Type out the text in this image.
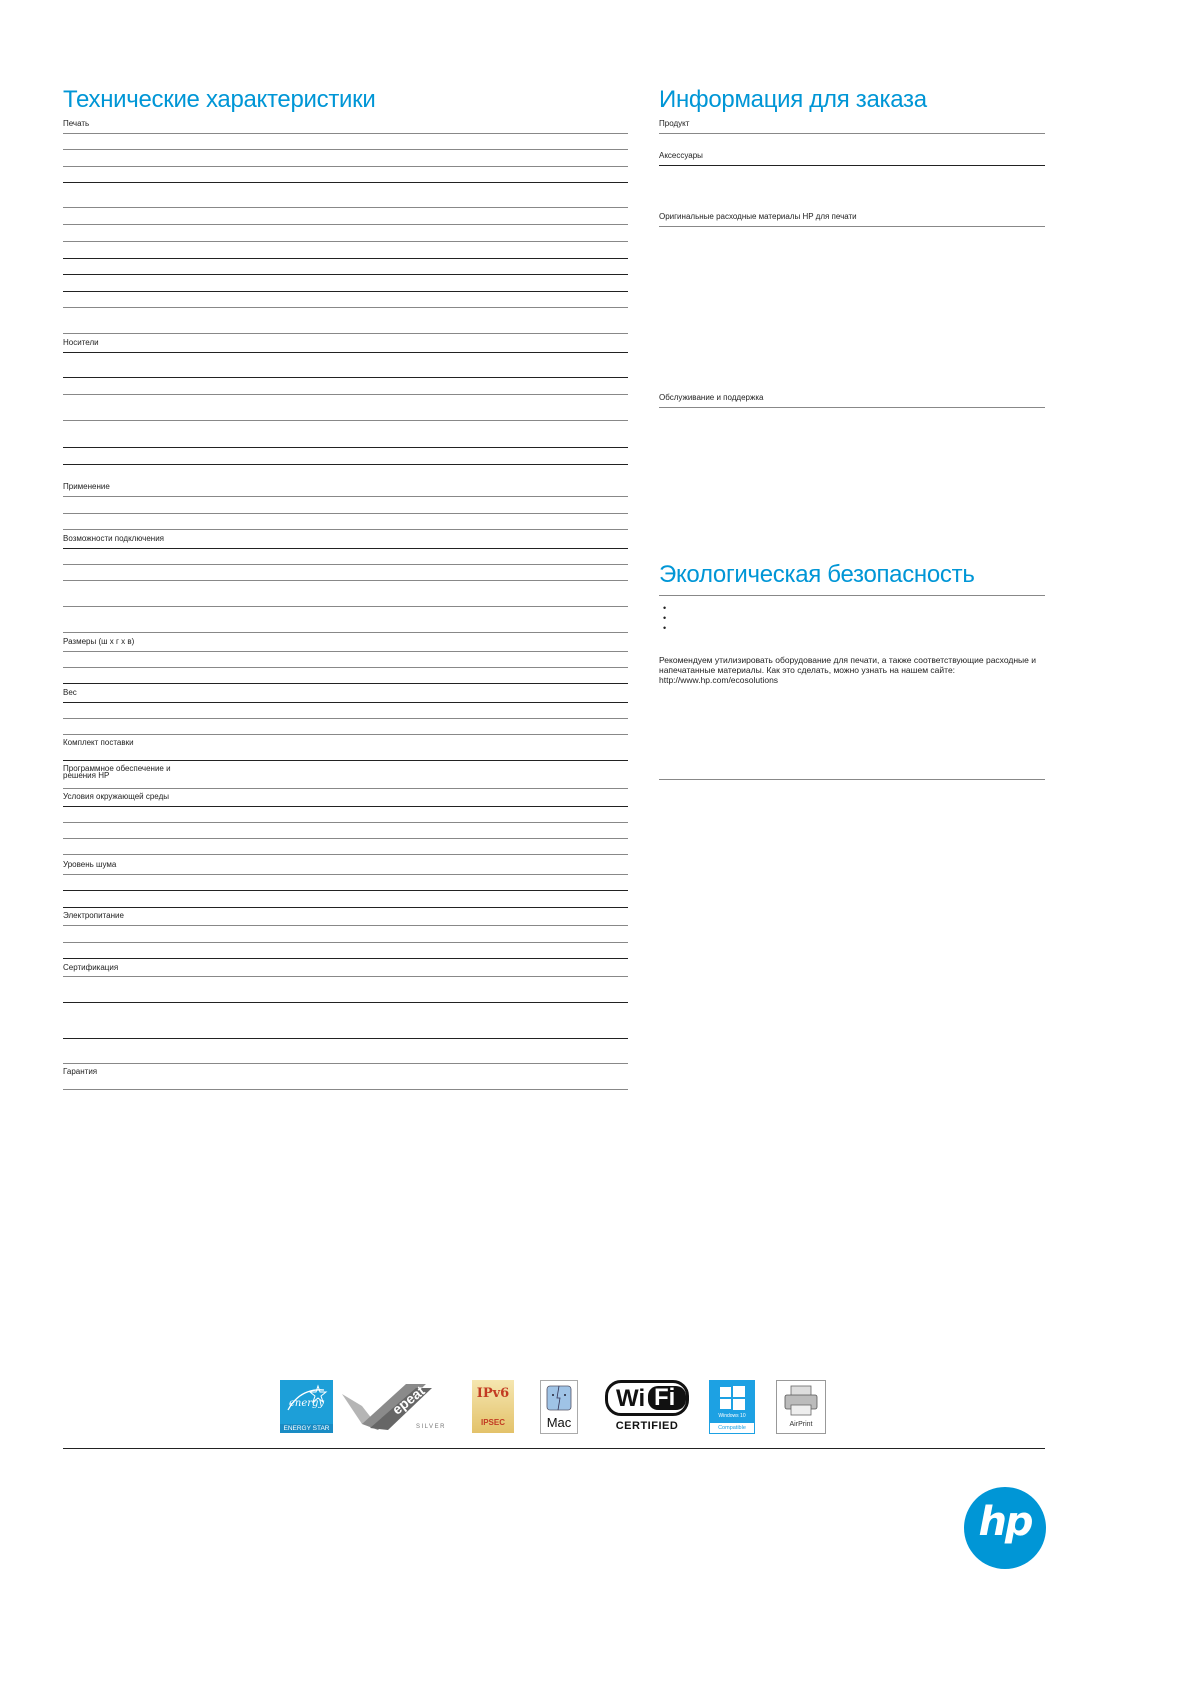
Технические характеристики
Печать
Носители
Применение
Возможности подключения
Размеры (ш x г x в)
Вес
Комплект поставки
Программное обеспечение и
решения HP
Условия окружающей среды
Уровень шума
Электропитание
Сертификация
Гарантия
Информация для заказа
Продукт
Аксессуары
Оригинальные расходные материалы HP для печати
Обслуживание и поддержка
Экологическая безопасность
•
•
•
Рекомендуем утилизировать оборудование для печати, а также соответствующие расходные и
напечатанные материалы. Как это сделать, можно узнать на нашем сайте:
http://www.hp.com/ecosolutions
energy
ENERGY STAR
epeat
SILVER
IPv6
IPSEC	Mac
Wi Fi
CERTIFIED
Windows 10
Compatible	AirPrint
hp
